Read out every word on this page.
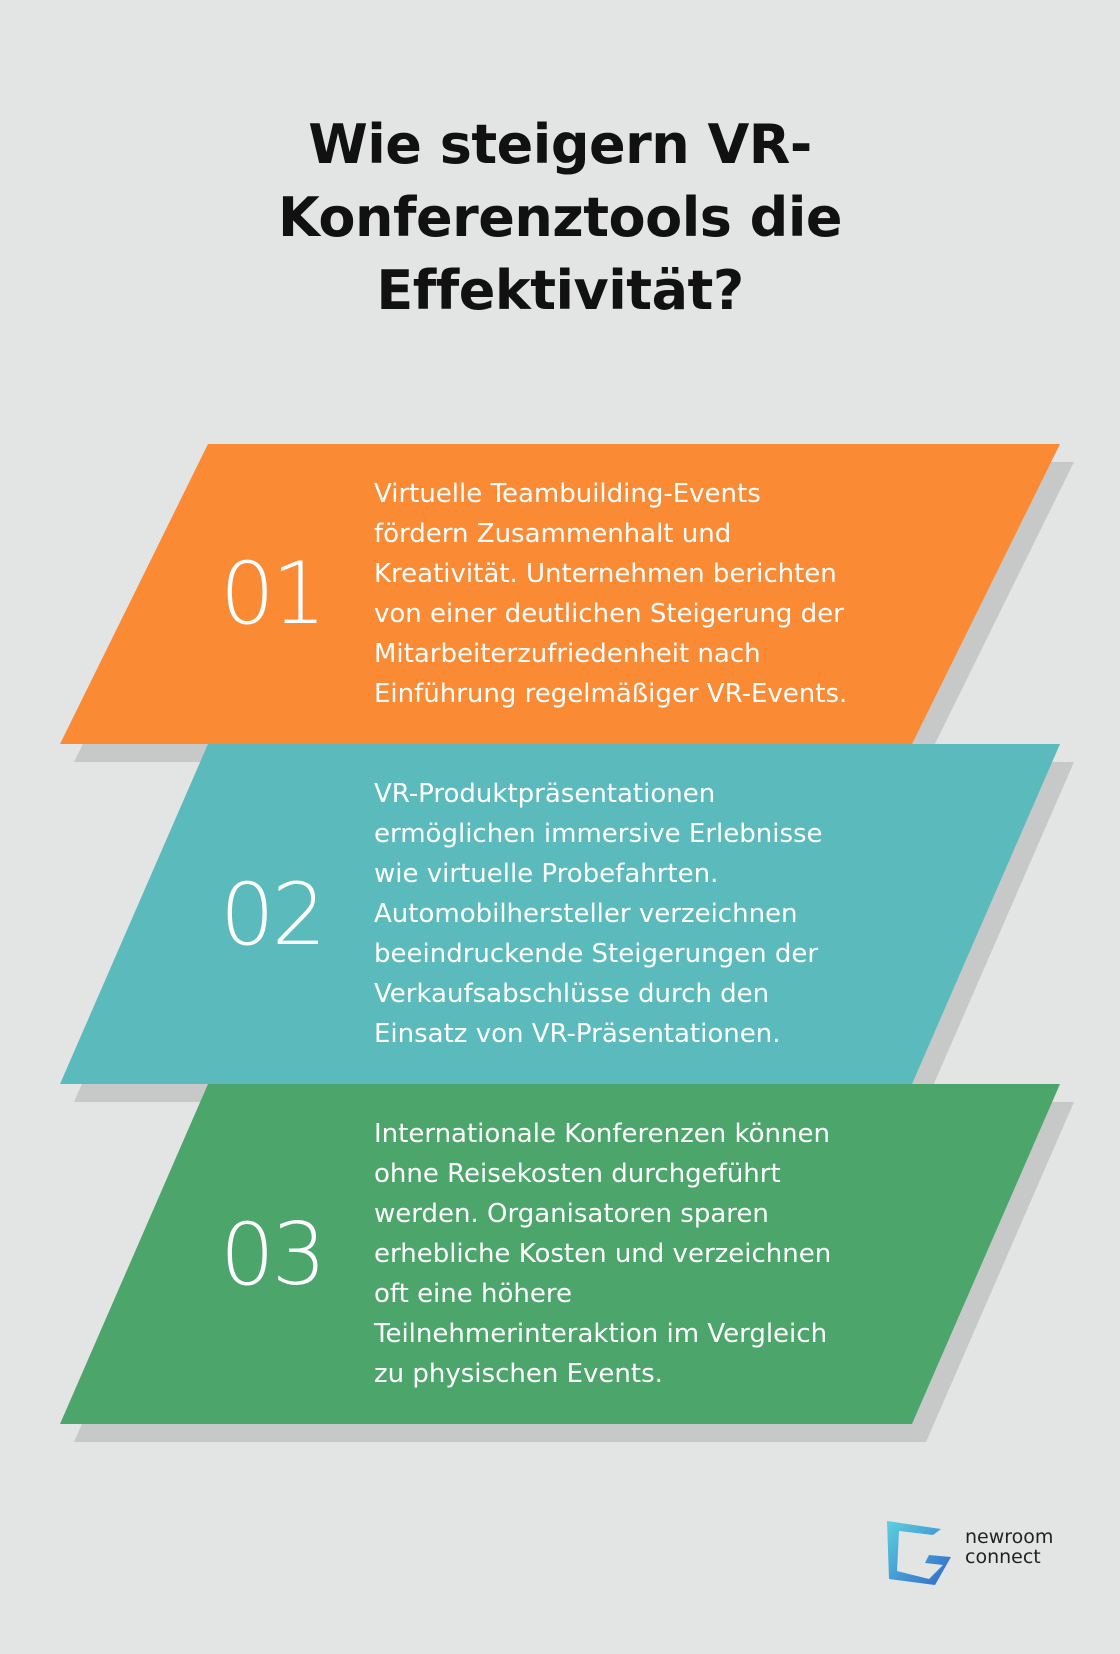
Wie steigern VR-
Konferenztools die
Effektivität?
01

Virtuelle Teambuilding-Events
fördern Zusammenhalt und
Kreativität. Unternehmen berichten
von einer deutlichen Steigerung der
Mitarbeiterzufriedenheit nach
Einführung regelmäßiger VR-Events.

02

VR-Produktpräsentationen
ermöglichen immersive Erlebnisse
wie virtuelle Probefahrten.
Automobilhersteller verzeichnen
beeindruckende Steigerungen der
Verkaufsabschlüsse durch den
Einsatz von VR-Präsentationen.

03

Internationale Konferenzen können
ohne Reisekosten durchgeführt
werden. Organisatoren sparen
erhebliche Kosten und verzeichnen
oft eine höhere
Teilnehmerinteraktion im Vergleich
zu physischen Events.

newroom
connect
